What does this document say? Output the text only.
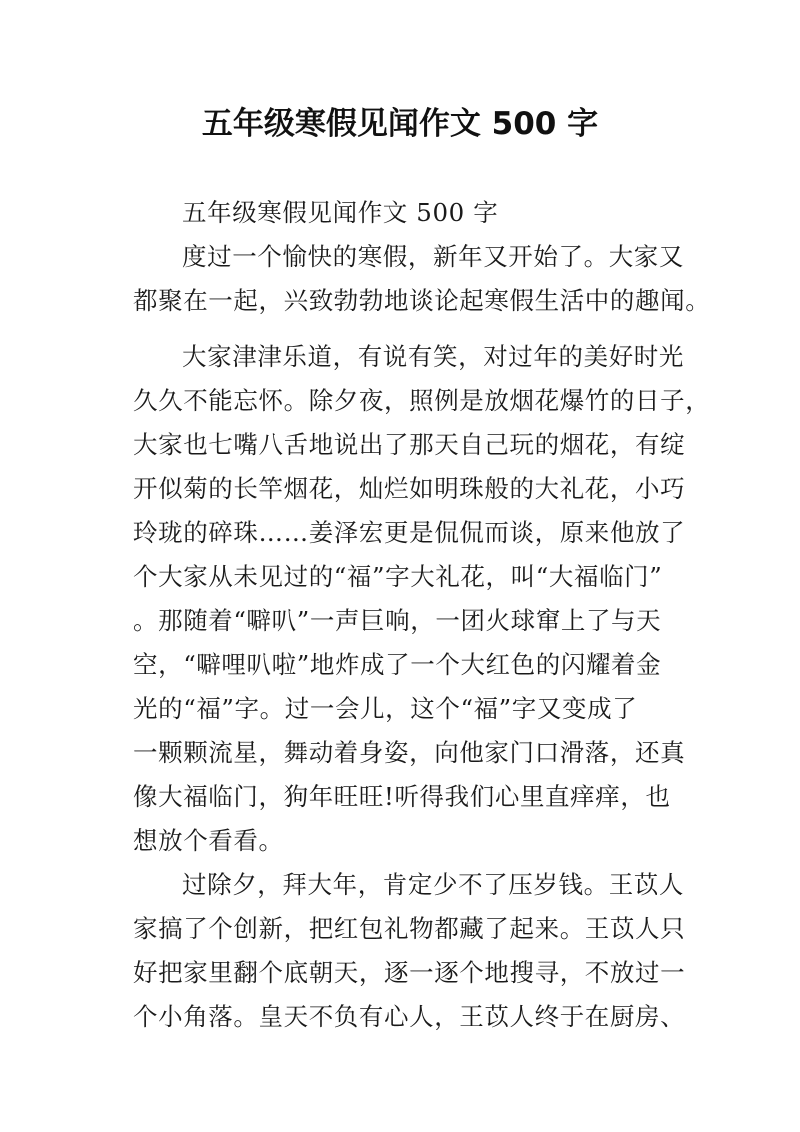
五年级寒假见闻作文 500 字
五年级寒假见闻作文 500 字
度过一个愉快的寒假，新年又开始了。大家又
都聚在一起，兴致勃勃地谈论起寒假生活中的趣闻。
大家津津乐道，有说有笑，对过年的美好时光
久久不能忘怀。除夕夜，照例是放烟花爆竹的日子，
大家也七嘴八舌地说出了那天自己玩的烟花，有绽
开似菊的长竿烟花，灿烂如明珠般的大礼花，小巧
玲珑的碎珠……姜泽宏更是侃侃而谈，原来他放了
个大家从未见过的“福”字大礼花，叫“大福临门”
。那随着“噼叭”一声巨响，一团火球窜上了与天
空，“噼哩叭啦”地炸成了一个大红色的闪耀着金
光的“福”字。过一会儿，这个“福”字又变成了
一颗颗流星，舞动着身姿，向他家门口滑落，还真
像大福临门，狗年旺旺!听得我们心里直痒痒，也
想放个看看。
过除夕，拜大年，肯定少不了压岁钱。王苡人
家搞了个创新，把红包礼物都藏了起来。王苡人只
好把家里翻个底朝天，逐一逐个地搜寻，不放过一
个小角落。皇天不负有心人，王苡人终于在厨房、
